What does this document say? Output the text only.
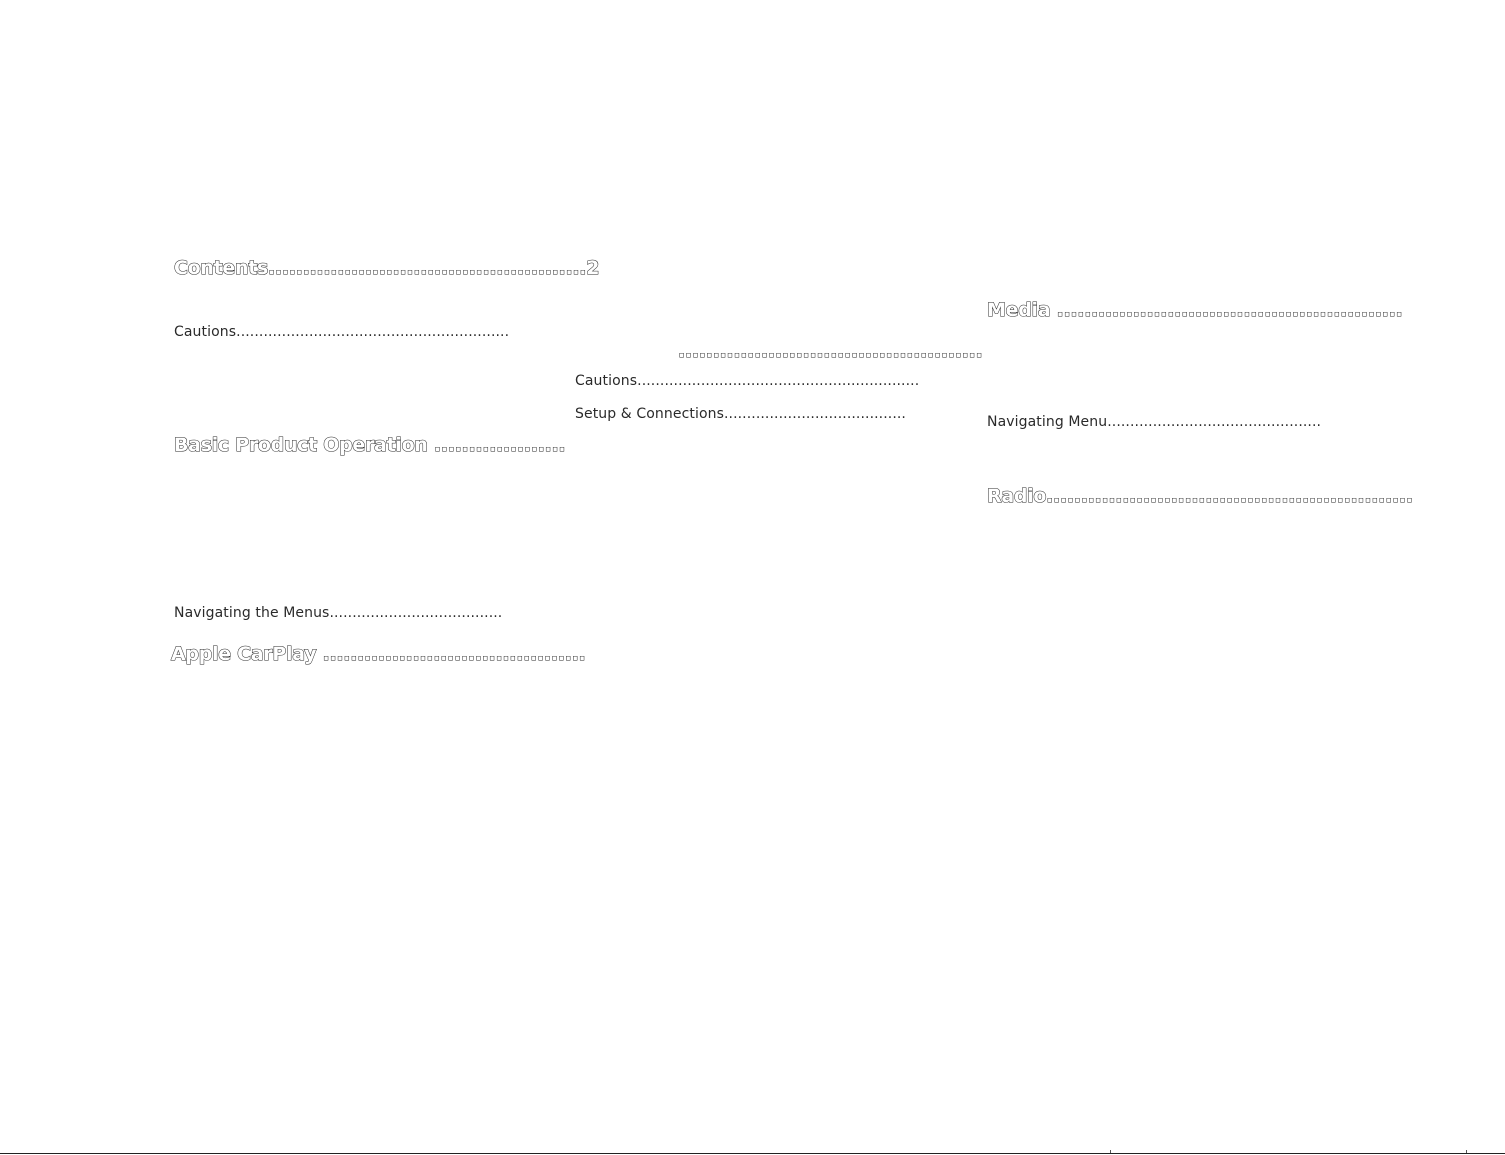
Contents..............................................2

Cautions............................................................

Basic Product Operation ...................

Navigating the Menus......................................

Apple CarPlay ......................................

............................................

Cautions..............................................................

Setup & Connections........................................

Media ..................................................

Navigating Menu...............................................

Radio.....................................................
